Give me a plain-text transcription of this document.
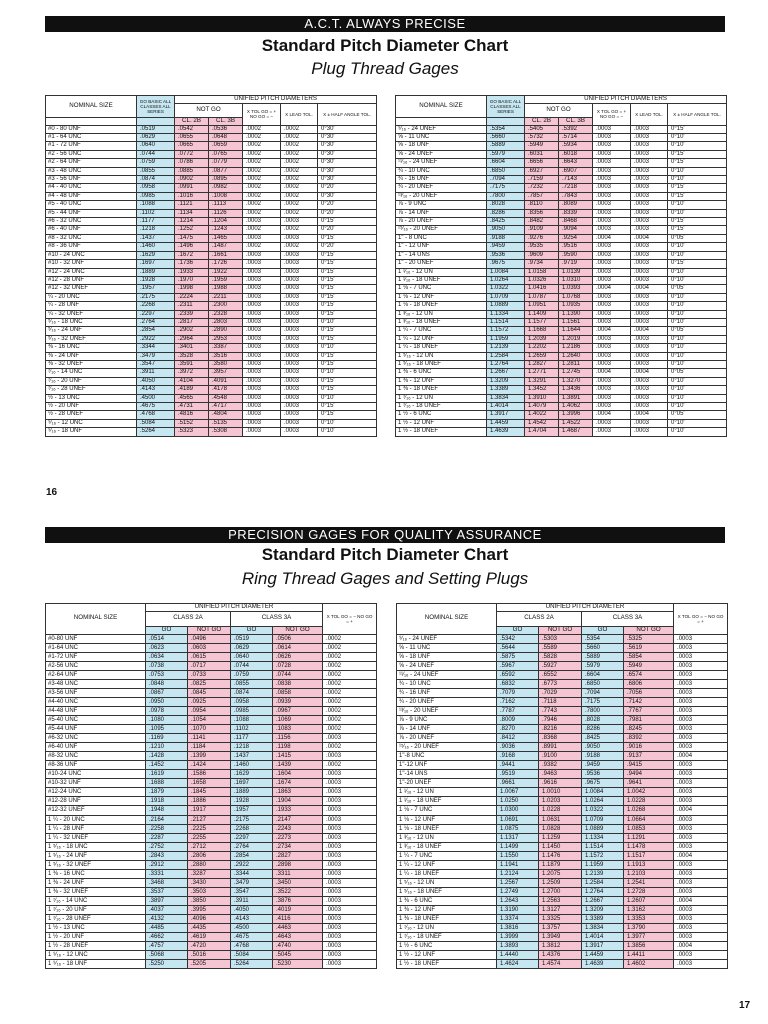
A.C.T. ALWAYS PRECISE
Standard Pitch Diameter Chart
Plug Thread Gages
NOMINAL SIZE	GO BASIC ALL CLASSES ALL SERIES	UNIFIED PITCH DIAMETERS				
		NOT GO		X TOL GO = + NO GO = −	X LEAD TOL.	X ± HALF ANGLE TOL.
		CL. 2B	CL. 3B			
#0 - 80 UNF	.0519	.0542	.0536	.0002	.0002	0°30'
#1 - 64 UNC	.0629	.0655	.0648	.0002	.0002	0°30'
#1 - 72 UNF	.0640	.0665	.0659	.0002	.0002	0°30'
#2 - 56 UNC	.0744	.0772	.0765	.0002	.0002	0°30'
#2 - 64 UNF	.0759	.0786	.0779	.0002	.0002	0°30'
#3 - 48 UNC	.0855	.0885	.0877	.0002	.0002	0°30'
#3 - 56 UNF	.0874	.0902	.0895	.0002	.0002	0°30'
#4 - 40 UNC	.0958	.0991	.0982	.0002	.0002	0°20'
#4 - 48 UNF	.0985	.1016	.1008	.0002	.0002	0°30'
#5 - 40 UNC	.1088	.1121	.1113	.0002	.0002	0°20'
#5 - 44 UNF	.1102	.1134	.1126	.0002	.0002	0°20'
#6 - 32 UNC	.1177	.1214	.1204	.0003	.0003	0°15'
#6 - 40 UNF	.1218	.1252	.1243	.0002	.0002	0°20'
#8 - 32 UNC	.1437	.1475	.1465	.0003	.0003	0°15'
#8 - 36 UNF	.1460	.1496	.1487	.0002	.0002	0°20'
#10 - 24 UNC	.1629	.1672	.1661	.0003	.0003	0°15'
#10 - 32 UNF	.1697	.1736	.1726	.0003	.0003	0°15'
#12 - 24 UNC	.1889	.1933	.1922	.0003	.0003	0°15'
#12 - 28 UNF	.1928	.1970	.1959	.0003	.0003	0°15'
#12 - 32 UNEF	.1957	.1998	.1988	.0003	.0003	0°15'
¼ - 20 UNC	.2175	.2224	.2211	.0003	.0003	0°15'
¼ - 28 UNF	.2268	.2311	.2300	.0003	.0003	0°15'
¼ - 32 UNEF	.2297	.2339	.2328	.0003	.0003	0°15'
⁵⁄₁₆ - 18 UNC	.2764	.2817	.2803	.0003	.0003	0°10'
⁵⁄₁₆ - 24 UNF	.2854	.2902	.2890	.0003	.0003	0°15'
⁵⁄₁₆ - 32 UNEF	.2922	.2964	.2953	.0003	.0003	0°15'
⅜ - 16 UNC	.3344	.3401	.3387	.0003	.0003	0°10'
⅜ - 24 UNF	.3479	.3528	.3516	.0003	.0003	0°15'
⅜ - 32 UNEF	.3547	.3591	.3580	.0003	.0003	0°15'
⁷⁄₁₆ - 14 UNC	.3911	.3972	.3957	.0003	.0003	0°10'
⁷⁄₁₆ - 20 UNF	.4050	.4104	.4091	.0003	.0003	0°15'
⁷⁄₁₆ - 28 UNEF	.4143	.4189	.4178	.0003	.0003	0°15'
½ - 13 UNC	.4500	.4565	.4548	.0003	.0003	0°10'
½ - 20 UNF	.4675	.4731	.4717	.0003	.0003	0°15'
½ - 28 UNEF	.4768	.4816	.4804	.0003	.0003	0°15'
⁹⁄₁₆ - 12 UNC	.5084	.5152	.5135	.0003	.0003	0°10'
⁹⁄₁₆ - 18 UNF	.5264	.5323	.5308	.0003	.0003	0°10'
NOMINAL SIZE	GO BASIC ALL CLASSES ALL SERIES	UNIFIED PITCH DIAMETERS				
		NOT GO		X TOL GO = + NO GO = −	X LEAD TOL.	X ± HALF ANGLE TOL.
		CL. 2B	CL. 3B			
⁹⁄₁₆ - 24 UNEF	.5354	.5405	.5392	.0003	.0003	0°15'
⅝ - 11 UNC	.5660	.5732	.5714	.0003	.0003	0°10'
⅝ - 18 UNF	.5889	.5949	.5934	.0003	.0003	0°10'
⅝ - 24 UNEF	.5979	.6031	.6018	.0003	.0003	0°15'
¹¹⁄₁₆ - 24 UNEF	.6604	.6656	.6643	.0003	.0003	0°15'
¾ - 10 UNC	.6850	.6927	.6907	.0003	.0003	0°10'
¾ - 16 UNF	.7094	.7159	.7143	.0003	.0003	0°10'
¾ - 20 UNEF	.7175	.7232	.7218	.0003	.0003	0°15'
¹³⁄₁₆ - 20 UNEF	.7800	.7857	.7843	.0003	.0003	0°15'
⅞ - 9 UNC	.8028	.8110	.8089	.0003	.0003	0°10'
⅞ - 14 UNF	.8286	.8356	.8339	.0003	.0003	0°10'
⅞ - 20 UNEF	.8425	.8482	.8468	.0003	.0003	0°15'
¹⁵⁄₁₆ - 20 UNEF	.9050	.9109	.9094	.0003	.0003	0°15'
1" - 8 UNC	.9188	.9276	.9254	.0004	.0004	0°05'
1" - 12 UNF	.9459	.9535	.9516	.0003	.0003	0°10'
1" - 14 UNS	.9536	.9609	.9590	.0003	.0003	0°10'
1" - 20 UNEF	.9675	.9734	.9719	.0003	.0003	0°15'
1 ¹⁄₁₆ - 12 UN	1.0084	1.0158	1.0139	.0003	.0003	0°10'
1 ¹⁄₁₆ - 18 UNEF	1.0264	1.0326	1.0310	.0003	.0003	0°10'
1 ⅛ - 7 UNC	1.0322	1.0416	1.0393	.0004	.0004	0°05'
1 ⅛ - 12 UNF	1.0709	1.0787	1.0768	.0003	.0003	0°10'
1 ⅛ - 18 UNEF	1.0889	1.0951	1.0935	.0003	.0003	0°10'
1 ³⁄₁₆ - 12 UN	1.1334	1.1409	1.1390	.0003	.0003	0°10'
1 ³⁄₁₆ - 18 UNEF	1.1514	1.1577	1.1561	.0003	.0003	0°10'
1 ¼ - 7 UNC	1.1572	1.1668	1.1644	.0004	.0004	0°05'
1 ¼ - 12 UNF	1.1959	1.2039	1.2019	.0003	.0003	0°10'
1 ¼ - 18 UNEF	1.2139	1.2202	1.2186	.0003	.0003	0°10'
1 ⁵⁄₁₆ - 12 UN	1.2584	1.2659	1.2640	.0003	.0003	0°10'
1 ⁵⁄₁₆ - 18 UNEF	1.2764	1.2827	1.2811	.0003	.0003	0°10'
1 ⅜ - 6 UNC	1.2667	1.2771	1.2745	.0004	.0004	0°05'
1 ⅜ - 12 UNF	1.3209	1.3291	1.3270	.0003	.0003	0°10'
1 ⅜ - 18 UNEF	1.3389	1.3452	1.3436	.0003	.0003	0°10'
1 ⁷⁄₁₆ - 12 UN	1.3834	1.3910	1.3891	.0003	.0003	0°10'
1 ⁷⁄₁₆ - 18 UNEF	1.4014	1.4079	1.4062	.0003	.0003	0°10'
1 ½ - 6 UNC	1.3917	1.4022	1.3996	.0004	.0004	0°05'
1 ½ - 12 UNF	1.4459	1.4542	1.4522	.0003	.0003	0°10'
1 ½ - 18 UNEF	1.4639	1.4704	1.4687	.0003	.0003	0°10'
16
PRECISION GAGES FOR QUALITY ASSURANCE
Standard Pitch Diameter Chart
Ring Thread Gages and Setting Plugs
NOMINAL SIZE	UNIFIED PITCH DIAMETER				X TOL GO = − NO GO = +
	CLASS 2A		CLASS 3A		
	GO	NOT GO	GO	NOT GO	
#0-80 UNF	.0514	.0496	.0519	.0506	.0002
#1-64 UNC	.0623	.0603	.0629	.0614	.0002
#1-72 UNF	.0634	.0615	.0640	.0626	.0002
#2-56 UNC	.0738	.0717	.0744	.0728	.0002
#2-64 UNF	.0753	.0733	.0759	.0744	.0002
#3-48 UNC	.0848	.0825	.0855	.0838	.0002
#3-56 UNF	.0867	.0845	.0874	.0858	.0002
#4-40 UNC	.0950	.0925	.0958	.0939	.0002
#4-48 UNF	.0978	.0954	.0985	.0967	.0002
#5-40 UNC	.1080	.1054	.1088	.1069	.0002
#5-44 UNF	.1095	.1070	.1102	.1083	.0002
#6-32 UNC	.1169	.1141	.1177	.1156	.0003
#6-40 UNF	.1210	.1184	.1218	.1198	.0002
#8-32 UNC	.1428	.1399	.1437	.1415	.0003
#8-36 UNF	.1452	.1424	.1460	.1439	.0002
#10-24 UNC	.1619	.1586	.1629	.1604	.0003
#10-32 UNF	.1688	.1658	.1697	.1674	.0003
#12-24 UNC	.1879	.1845	.1889	.1863	.0003
#12-28 UNF	.1918	.1886	.1928	.1904	.0003
#12-32 UNEF	.1948	.1917	.1957	.1933	.0003
1 ¼ - 20 UNC	.2164	.2127	.2175	.2147	.0003
1 ¼ - 28 UNF	.2258	.2225	.2268	.2243	.0003
1 ¼ - 32 UNEF	.2287	.2255	.2297	.2273	.0003
1 ⁵⁄₁₆ - 18 UNC	.2752	.2712	.2764	.2734	.0003
1 ⁵⁄₁₆ - 24 UNF	.2843	.2806	.2854	.2827	.0003
1 ⁵⁄₁₆ - 32 UNEF	.2912	.2880	.2922	.2898	.0003
1 ⅜ - 16 UNC	.3331	.3287	.3344	.3311	.0003
1 ⅜ - 24 UNF	.3468	.3430	.3479	.3450	.0003
1 ⅜ - 32 UNEF	.3537	.3503	.3547	.3522	.0003
1 ⁷⁄₁₆ - 14 UNC	.3897	.3850	.3911	.3876	.0003
1 ⁷⁄₁₆ - 20 UNF	.4037	.3995	.4050	.4019	.0003
1 ⁷⁄₁₆ - 28 UNEF	.4132	.4096	.4143	.4116	.0003
1 ½ - 13 UNC	.4485	.4435	.4500	.4463	.0003
1 ½ - 20 UNF	.4662	.4619	.4675	.4643	.0003
1 ½ - 28 UNEF	.4757	.4720	.4768	.4740	.0003
1 ⁹⁄₁₆ - 12 UNC	.5068	.5016	.5084	.5045	.0003
1 ⁹⁄₁₆ - 18 UNF	.5250	.5205	.5264	.5230	.0003
NOMINAL SIZE	UNIFIED PITCH DIAMETER				X TOL GO = − NO GO = +
	CLASS 2A		CLASS 3A		
	GO	NOT GO	GO	NOT GO	
⁹⁄₁₆ - 24 UNEF	.5342	.5303	.5354	.5325	.0003
⅝ - 11 UNC	.5644	.5589	.5660	.5619	.0003
⅝ - 18 UNF	.5875	.5828	.5889	.5854	.0003
⅝ - 24 UNEF	.5967	.5927	.5979	.5949	.0003
¹¹⁄₁₆ - 24 UNEF	.6592	.6552	.6604	.6574	.0003
¾ - 10 UNC	.6832	.6773	.6850	.6806	.0003
¾ - 16 UNF	.7079	.7029	.7094	.7056	.0003
¾ - 20 UNEF	.7162	.7118	.7175	.7142	.0003
¹³⁄₁₆ - 20 UNEF	.7787	.7743	.7800	.7767	.0003
⅞ - 9 UNC	.8009	.7946	.8028	.7981	.0003
⅞ - 14 UNF	.8270	.8216	.8286	.8245	.0003
⅞ - 20 UNEF	.8412	.8368	.8425	.8392	.0003
¹⁵⁄₁₆ - 20 UNEF	.9036	.8991	.9050	.9016	.0003
1"-8 UNC	.9168	.9100	.9188	.9137	.0004
1"-12 UNF	.9441	.9382	.9459	.9415	.0003
1"-14 UNS	.9519	.9463	.9536	.9494	.0003
1"-20 UNEF	.9661	.9616	.9675	.9641	.0003
1 ¹⁄₁₆ - 12 UN	1.0067	1.0010	1.0084	1.0042	.0003
1 ¹⁄₁₆ - 18 UNEF	1.0250	1.0203	1.0264	1.0228	.0003
1 ⅛ - 7 UNC	1.0300	1.0228	1.0322	1.0268	.0004
1 ⅛ - 12 UNF	1.0691	1.0631	1.0709	1.0664	.0003
1 ⅛ - 18 UNEF	1.0875	1.0828	1.0889	1.0853	.0003
1 ³⁄₁₆ - 12 UN	1.1317	1.1259	1.1334	1.1291	.0003
1 ³⁄₁₆ - 18 UNEF	1.1499	1.1450	1.1514	1.1478	.0003
1 ¼ - 7 UNC	1.1550	1.1476	1.1572	1.1517	.0004
1 ¼ - 12 UNF	1.1941	1.1879	1.1959	1.1913	.0003
1 ¼ - 18 UNEF	1.2124	1.2075	1.2139	1.2103	.0003
1 ⁵⁄₁₆ - 12 UN	1.2567	1.2509	1.2584	1.2541	.0003
1 ⁵⁄₁₆ - 18 UNEF	1.2749	1.2700	1.2764	1.2728	.0003
1 ⅜ - 6 UNC	1.2643	1.2563	1.2667	1.2607	.0004
1 ⅜ - 12 UNF	1.3190	1.3127	1.3209	1.3162	.0003
1 ⅜ - 18 UNEF	1.3374	1.3325	1.3389	1.3353	.0003
1 ⁷⁄₁₆ - 12 UN	1.3816	1.3757	1.3834	1.3790	.0003
1 ⁷⁄₁₆ - 18 UNEF	1.3999	1.3949	1.4014	1.3977	.0003
1 ½ - 6 UNC	1.3893	1.3812	1.3917	1.3856	.0004
1 ½ - 12 UNF	1.4440	1.4376	1.4459	1.4411	.0003
1 ½ - 18 UNEF	1.4624	1.4574	1.4639	1.4602	.0003
17
